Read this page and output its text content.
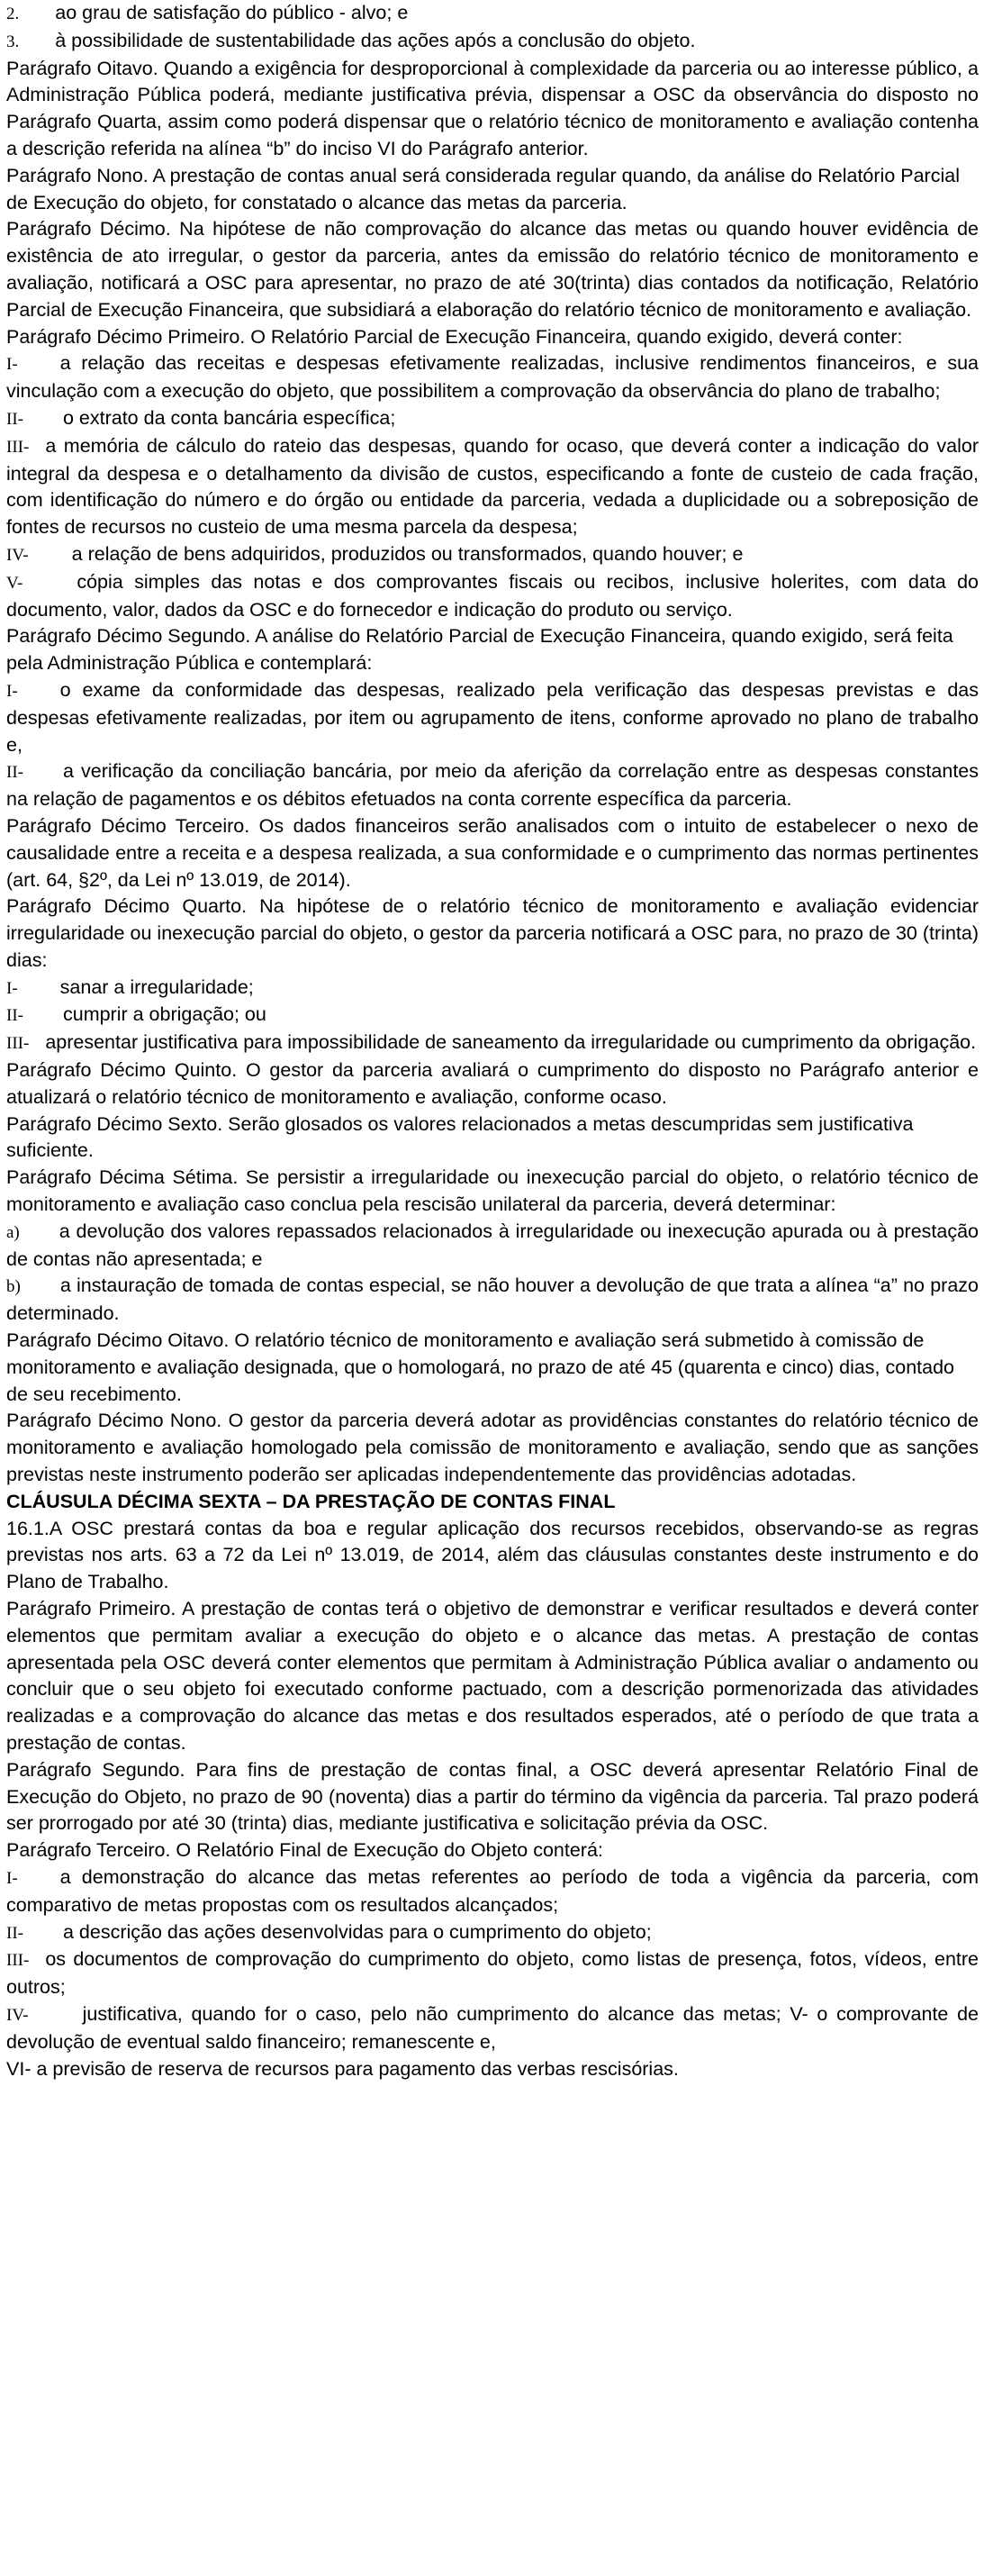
2. ao grau de satisfação do público - alvo; e

3. à possibilidade de sustentabilidade das ações após a conclusão do objeto.

Parágrafo Oitavo. Quando a exigência for desproporcional à complexidade da parceria ou ao interesse público, a Administração Pública poderá, mediante justificativa prévia, dispensar a OSC da observância do disposto no Parágrafo Quarta, assim como poderá dispensar que o relatório técnico de monitoramento e avaliação contenha a descrição referida na alínea “b” do inciso VI do Parágrafo anterior.

Parágrafo Nono. A prestação de contas anual será considerada regular quando, da análise do Relatório Parcial de Execução do objeto, for constatado o alcance das metas da parceria.

Parágrafo Décimo. Na hipótese de não comprovação do alcance das metas ou quando houver evidência de existência de ato irregular, o gestor da parceria, antes da emissão do relatório técnico de monitoramento e avaliação, notificará a OSC para apresentar, no prazo de até 30(trinta) dias contados da notificação, Relatório Parcial de Execução Financeira, que subsidiará a elaboração do relatório técnico de monitoramento e avaliação.

Parágrafo Décimo Primeiro. O Relatório Parcial de Execução Financeira, quando exigido, deverá conter:

I- a relação das receitas e despesas efetivamente realizadas, inclusive rendimentos financeiros, e sua vinculação com a execução do objeto, que possibilitem a comprovação da observância do plano de trabalho;

II- o extrato da conta bancária específica;

III- a memória de cálculo do rateio das despesas, quando for ocaso, que deverá conter a indicação do valor integral da despesa e o detalhamento da divisão de custos, especificando a fonte de custeio de cada fração, com identificação do número e do órgão ou entidade da parceria, vedada a duplicidade ou a sobreposição de fontes de recursos no custeio de uma mesma parcela da despesa;

IV- a relação de bens adquiridos, produzidos ou transformados, quando houver; e

V-	cópia simples das notas e dos comprovantes fiscais ou recibos, inclusive holerites, com data do documento, valor, dados da OSC e do fornecedor e indicação do produto ou serviço.

Parágrafo Décimo Segundo. A análise do Relatório Parcial de Execução Financeira, quando exigido, será feita pela Administração Pública e contemplará:

I- o exame da conformidade das despesas, realizado pela verificação das despesas previstas e das despesas efetivamente realizadas, por item ou agrupamento de itens, conforme aprovado no plano de trabalho e,

II- a verificação da conciliação bancária, por meio da aferição da correlação entre as despesas constantes na relação de pagamentos e os débitos efetuados na conta corrente específica da parceria.

Parágrafo Décimo Terceiro. Os dados financeiros serão analisados com o intuito de estabelecer o nexo de causalidade entre a receita e a despesa realizada, a sua conformidade e o cumprimento das normas pertinentes (art. 64, §2º, da Lei nº 13.019, de 2014).

Parágrafo Décimo Quarto. Na hipótese de o relatório técnico de monitoramento e avaliação evidenciar irregularidade ou inexecução parcial do objeto, o gestor da parceria notificará a OSC para, no prazo de 30 (trinta) dias:

I- sanar a irregularidade;

II- cumprir a obrigação; ou

III- apresentar justificativa para impossibilidade de saneamento da irregularidade ou cumprimento da obrigação.

Parágrafo Décimo Quinto. O gestor da parceria avaliará o cumprimento do disposto no Parágrafo anterior e atualizará o relatório técnico de monitoramento e avaliação, conforme ocaso.

Parágrafo Décimo Sexto. Serão glosados os valores relacionados a metas descumpridas sem justificativa suficiente.

Parágrafo Décima Sétima. Se persistir a irregularidade ou inexecução parcial do objeto, o relatório técnico de monitoramento e avaliação caso conclua pela rescisão unilateral da parceria, deverá determinar:

a) a devolução dos valores repassados relacionados à irregularidade ou inexecução apurada ou à prestação de contas não apresentada; e

b) a instauração de tomada de contas especial, se não houver a devolução de que trata a alínea “a” no prazo determinado.

Parágrafo Décimo Oitavo. O relatório técnico de monitoramento e avaliação será submetido à comissão de monitoramento e avaliação designada, que o homologará, no prazo de até 45 (quarenta e cinco) dias, contado de seu recebimento.

Parágrafo Décimo Nono. O gestor da parceria deverá adotar as providências constantes do relatório técnico de monitoramento e avaliação homologado pela comissão de monitoramento e avaliação, sendo que as sanções previstas neste instrumento poderão ser aplicadas independentemente das providências adotadas.

CLÁUSULA DÉCIMA SEXTA – DA PRESTAÇÃO DE CONTAS FINAL

16.1.A OSC prestará contas da boa e regular aplicação dos recursos recebidos, observando-se as regras previstas nos arts. 63 a 72 da Lei nº 13.019, de 2014, além das cláusulas constantes deste instrumento e do Plano de Trabalho.

Parágrafo Primeiro. A prestação de contas terá o objetivo de demonstrar e verificar resultados e deverá conter elementos que permitam avaliar a execução do objeto e o alcance das metas. A prestação de contas apresentada pela OSC deverá conter elementos que permitam à Administração Pública avaliar o andamento ou concluir que o seu objeto foi executado conforme pactuado, com a descrição pormenorizada das atividades realizadas e a comprovação do alcance das metas e dos resultados esperados, até o período de que trata a prestação de contas.

Parágrafo Segundo. Para fins de prestação de contas final, a OSC deverá apresentar Relatório Final de Execução do Objeto, no prazo de 90 (noventa) dias a partir do término da vigência da parceria. Tal prazo poderá ser prorrogado por até 30 (trinta) dias, mediante justificativa e solicitação prévia da OSC.

Parágrafo Terceiro. O Relatório Final de Execução do Objeto conterá:

I- a demonstração do alcance das metas referentes ao período de toda a vigência da parceria, com comparativo de metas propostas com os resultados alcançados;

II- a descrição das ações desenvolvidas para o cumprimento do objeto;

III- os documentos de comprovação do cumprimento do objeto, como listas de presença, fotos, vídeos, entre outros;

IV-	justificativa, quando for o caso, pelo não cumprimento do alcance das metas; V- o comprovante de devolução de eventual saldo financeiro; remanescente e,

VI- a previsão de reserva de recursos para pagamento das verbas rescisórias.
